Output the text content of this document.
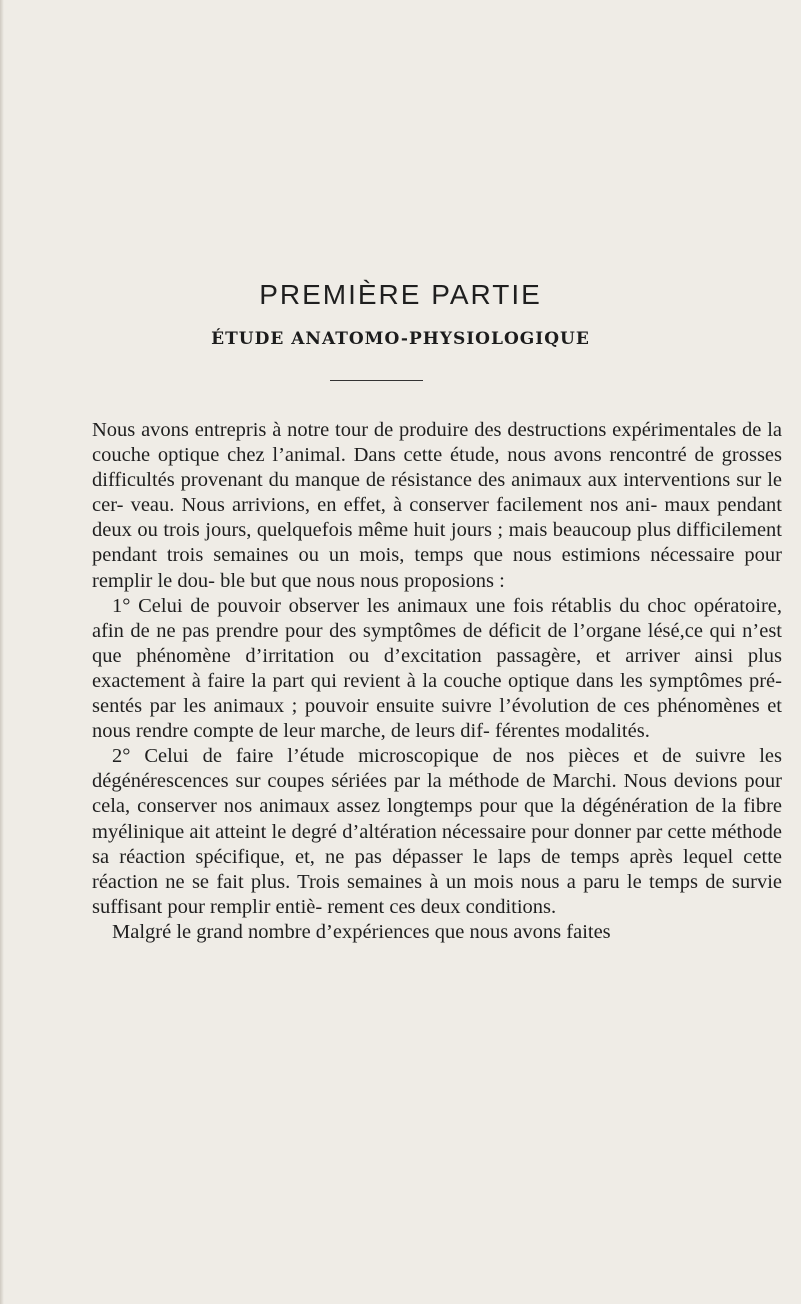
PREMIÈRE PARTIE
ÉTUDE ANATOMO-PHYSIOLOGIQUE

Nous avons entrepris à notre tour de produire des destructions expérimentales de la couche optique chez l’animal. Dans cette étude, nous avons rencontré de grosses difficultés provenant du manque de résistance des animaux aux interventions sur le cer- veau. Nous arrivions, en effet, à conserver facilement nos ani- maux pendant deux ou trois jours, quelquefois même huit jours ; mais beaucoup plus difficilement pendant trois semaines ou un mois, temps que nous estimions nécessaire pour remplir le dou- ble but que nous nous proposions :

1° Celui de pouvoir observer les animaux une fois rétablis du choc opératoire, afin de ne pas prendre pour des symptômes de déficit de l’organe lésé,ce qui n’est que phénomène d’irritation ou d’excitation passagère, et arriver ainsi plus exactement à faire la part qui revient à la couche optique dans les symptômes pré- sentés par les animaux ; pouvoir ensuite suivre l’évolution de ces phénomènes et nous rendre compte de leur marche, de leurs dif- férentes modalités.

2° Celui de faire l’étude microscopique de nos pièces et de suivre les dégénérescences sur coupes sériées par la méthode de Marchi. Nous devions pour cela, conserver nos animaux assez longtemps pour que la dégénération de la fibre myélinique ait atteint le degré d’altération nécessaire pour donner par cette méthode sa réaction spécifique, et, ne pas dépasser le laps de temps après lequel cette réaction ne se fait plus. Trois semaines à un mois nous a paru le temps de survie suffisant pour remplir entiè- rement ces deux conditions.

Malgré le grand nombre d’expériences que nous avons faites
